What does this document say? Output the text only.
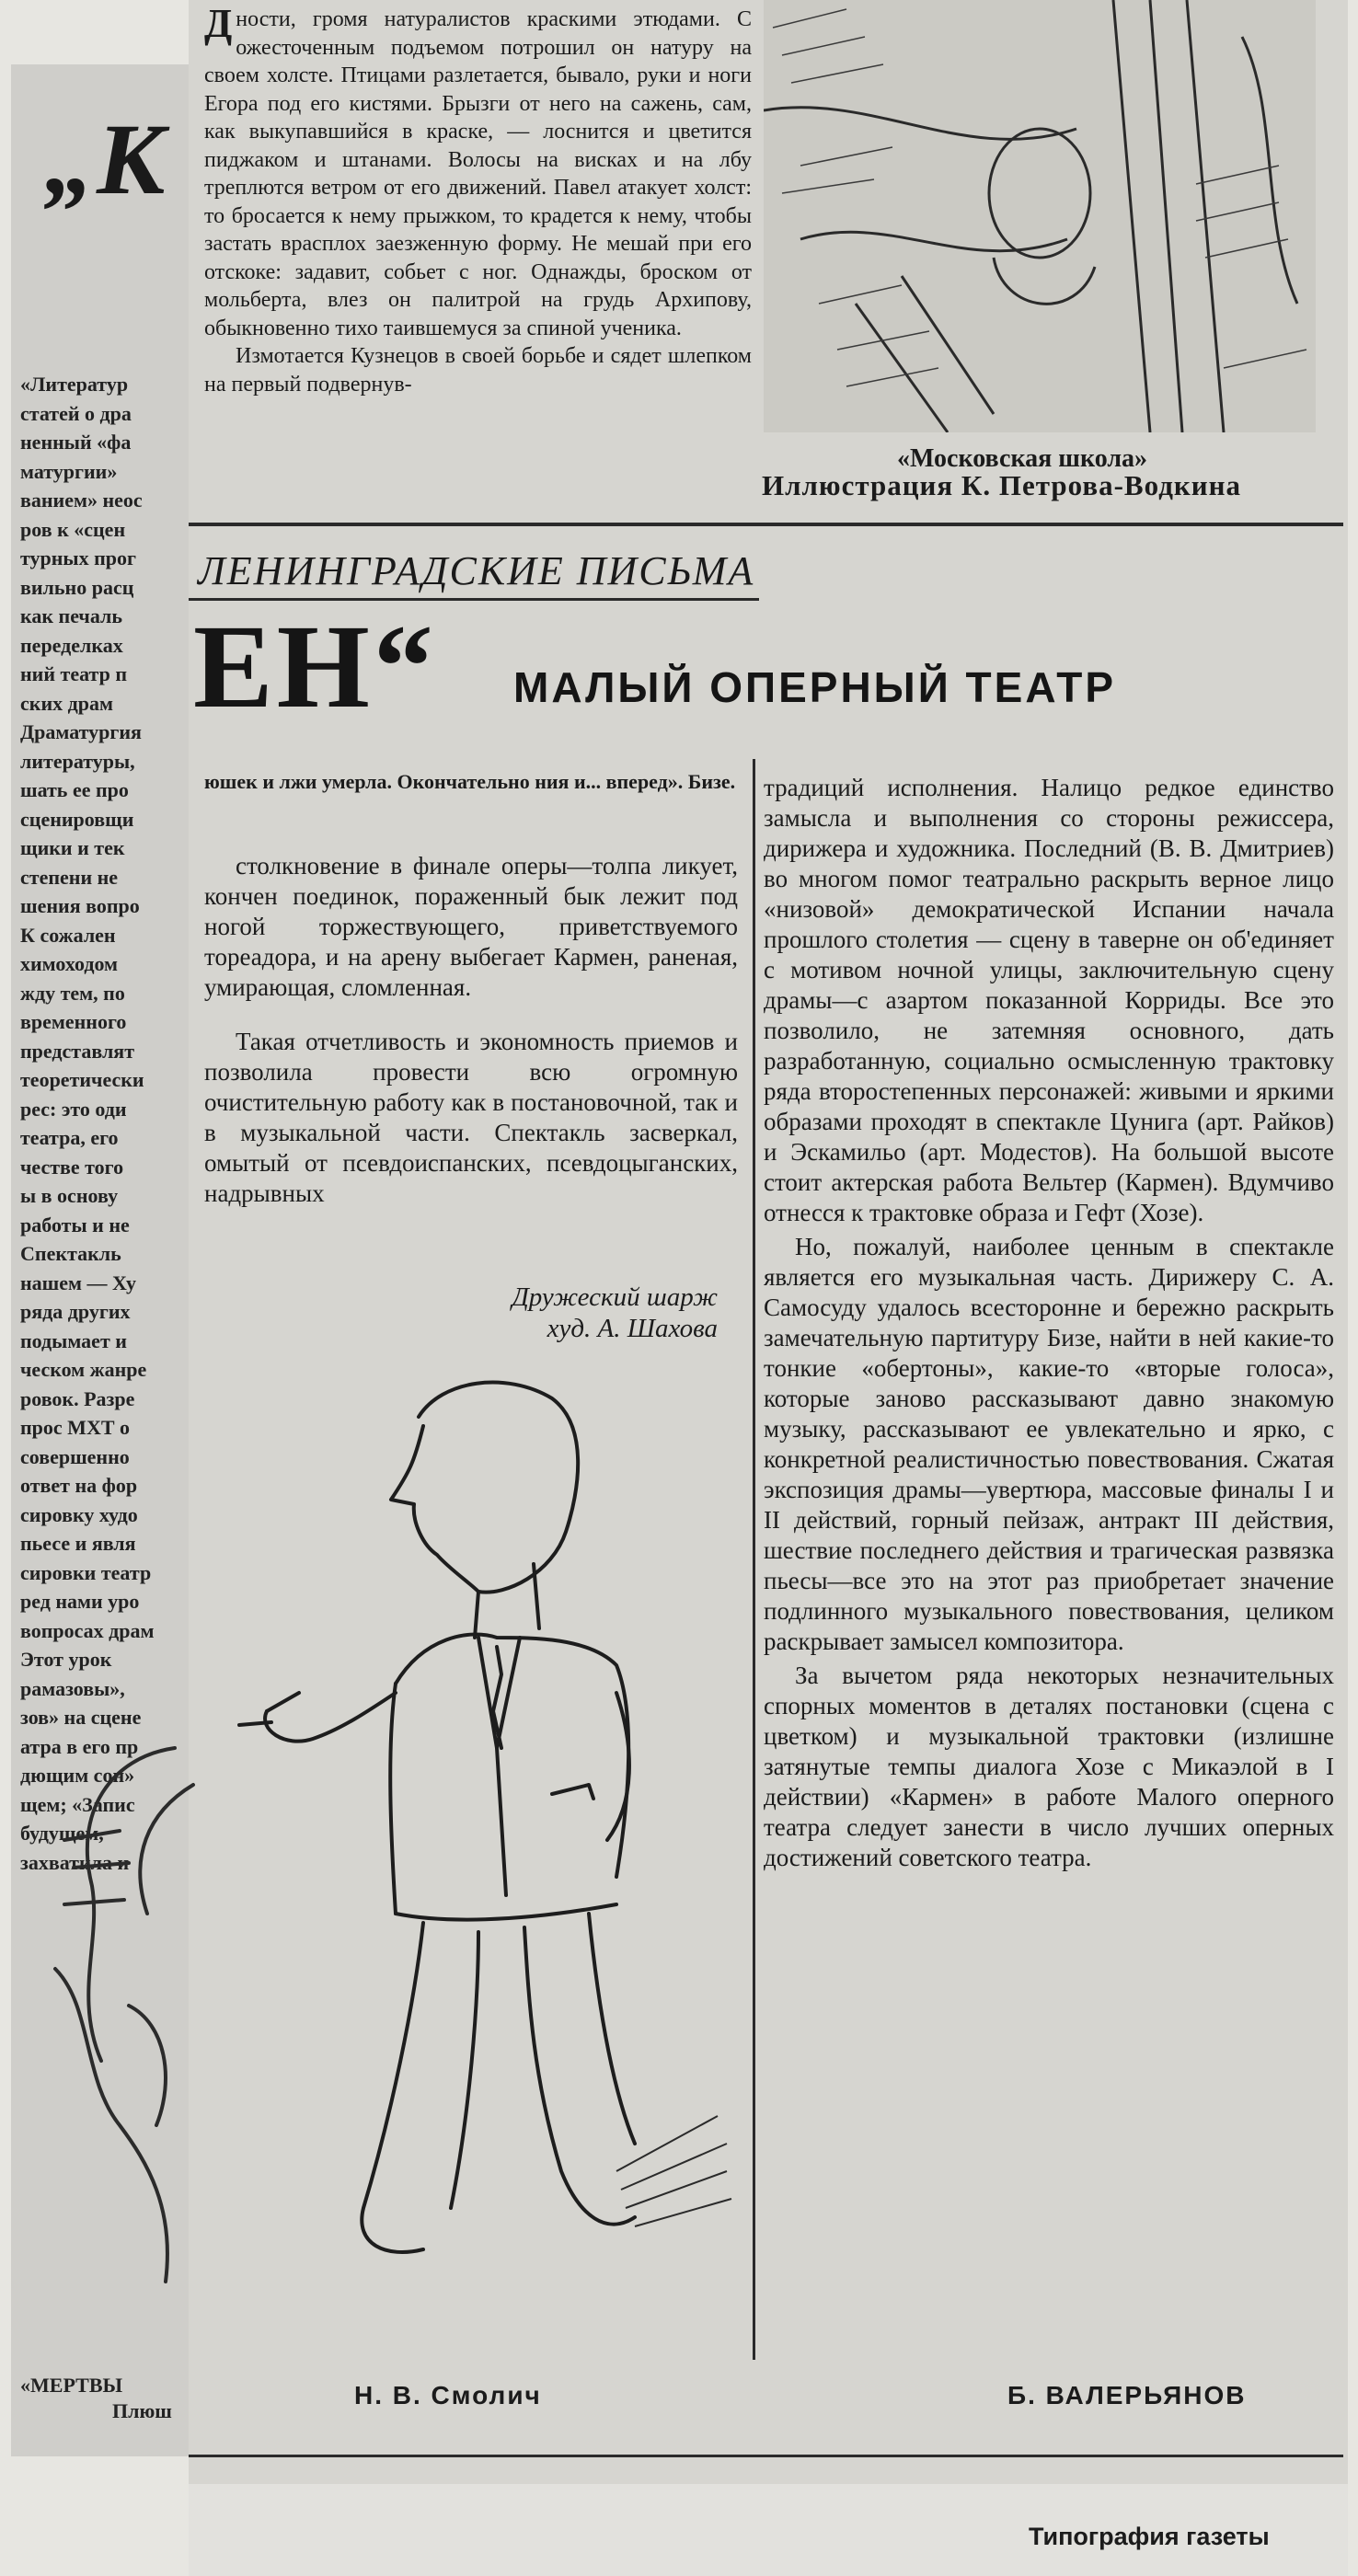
„К
«Литератур
статей о дра
ненный «фа
матургии»
ванием» неос
ров к «сцен
турных прог
вильно расц
как печаль
переделках
ний театр п
ских драм
Драматургия
литературы,
шать ее про
сценировщи
щики и тек
степени не
шения вопро
К сожален
химоходом
жду тем, по
временного
представлят
теоретически
рес: это оди
театра, его
честве того
ы в основу
работы и не
Спектакль
нашем — Ху
ряда других
подымает и
ческом жанре
ровок. Разре
прос МХТ о
совершенно
ответ на фор
сировку худо
пьесе и явля
сировки театр
ред нами уро
вопросах драм
Этот урок
рамазовы»,
зов» на сцене
атра в его пр
дющим сон»
щем; «Запис
будущем,
захватила и
«МЕРТВЫ
Плюш

Дности, громя натуралистов краскими этюдами. С ожесточенным подъемом потрошил он натуру на своем холсте. Птицами разлетается, бывало, руки и ноги Егора под его кистями. Брызги от него на сажень, сам, как выкупавшийся в краске, — лоснится и цветится пиджаком и штанами. Волосы на висках и на лбу треплются ветром от его движений. Павел атакует холст: то бросается к нему прыжком, то крадется к нему, чтобы застать врасплох заезженную форму. Не мешай при его отскоке: задавит, собьет с ног. Однажды, броском от мольберта, влез он палитрой на грудь Архипову, обыкновенно тихо таившемуся за спиной ученика.

Измотается Кузнецов в своей борьбе и сядет шлепком на первый подвернув-

«Московская школа»
Иллюстрация К. Петрова-Водкина
ЛЕНИНГРАДСКИЕ ПИСЬМА
ЕН“ МАЛЫЙ ОПЕРНЫЙ ТЕАТР
юшек и лжи умерла. Окончательно ния и... вперед». Бизе.

столкновение в финале оперы—толпа ликует, кончен поединок, пораженный бык лежит под ногой торжествующего, приветствуемого тореадора, и на арену выбегает Кармен, раненая, умирающая, сломленная.

Такая отчетливость и экономность приемов и позволила провести всю огромную очистительную работу как в постановочной, так и в музыкальной части. Спектакль засверкал, омытый от псевдоиспанских, псевдоцыганских, надрывных

Дружеский шарж
худ. А. Шахова
Н. В. Смолич

традиций исполнения. Налицо редкое единство замысла и выполнения со стороны режиссера, дирижера и художника. Последний (В. В. Дмитриев) во многом помог театрально раскрыть верное лицо «низовой» демократической Испании начала прошлого столетия — сцену в таверне он об'единяет с мотивом ночной улицы, заключительную сцену драмы—с азартом показанной Корриды. Все это позволило, не затемняя основного, дать разработанную, социально осмысленную трактовку ряда второстепенных персонажей: живыми и яркими образами проходят в спектакле Цунига (арт. Райков) и Эскамильо (арт. Модестов). На большой высоте стоит актерская работа Вельтер (Кармен). Вдумчиво отнесся к трактовке образа и Гефт (Хозе).

Но, пожалуй, наиболее ценным в спектакле является его музыкальная часть. Дирижеру С. А. Самосуду удалось всесторонне и бережно раскрыть замечательную партитуру Бизе, найти в ней какие-то тонкие «обертоны», какие-то «вторые голоса», которые заново рассказывают давно знакомую музыку, рассказывают ее увлекательно и ярко, с конкретной реалистичностью повествования. Сжатая экспозиция драмы—увертюра, массовые финалы I и II действий, горный пейзаж, антракт III действия, шествие последнего действия и трагическая развязка пьесы—все это на этот раз приобретает значение подлинного музыкального повествования, целиком раскрывает замысел композитора.

За вычетом ряда некоторых незначительных спорных моментов в деталях постановки (сцена с цветком) и музыкальной трактовки (излишне затянутые темпы диалога Хозе с Микаэлой в I действии) «Кармен» в работе Малого оперного театра следует занести в число лучших оперных достижений советского театра.

Б. ВАЛЕРЬЯНОВ
Типография газеты
